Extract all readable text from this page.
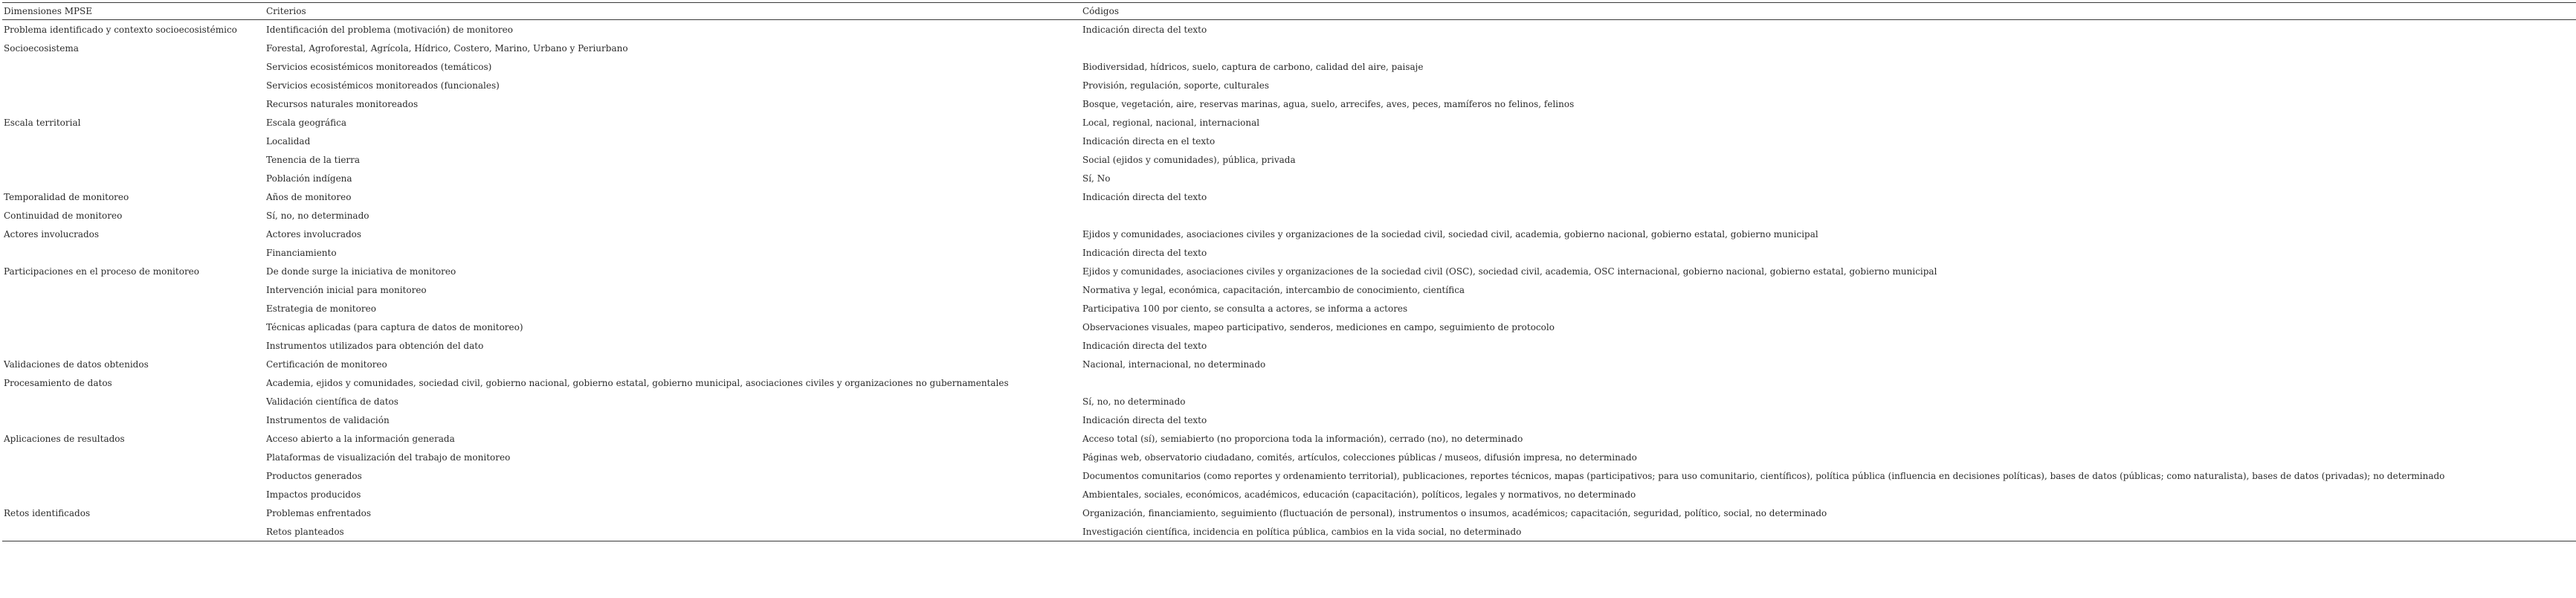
Dimensiones MPSE	Criterios	Códigos
Problema identificado y contexto socioecosistémico	Identificación del problema (motivación) de monitoreo	Indicación directa del texto
Socioecosistema	Forestal, Agroforestal, Agrícola, Hídrico, Costero, Marino, Urbano y Periurbano	
	Servicios ecosistémicos monitoreados (temáticos)	Biodiversidad, hídricos, suelo, captura de carbono, calidad del aire, paisaje
	Servicios ecosistémicos monitoreados (funcionales)	Provisión, regulación, soporte, culturales
	Recursos naturales monitoreados	Bosque, vegetación, aire, reservas marinas, agua, suelo, arrecifes, aves, peces, mamíferos no felinos, felinos
Escala territorial	Escala geográfica	Local, regional, nacional, internacional
	Localidad	Indicación directa en el texto
	Tenencia de la tierra	Social (ejidos y comunidades), pública, privada
	Población indígena	Sí, No
Temporalidad de monitoreo	Años de monitoreo	Indicación directa del texto
Continuidad de monitoreo	Sí, no, no determinado	
Actores involucrados	Actores involucrados	Ejidos y comunidades, asociaciones civiles y organizaciones de la sociedad civil, sociedad civil, academia, gobierno nacional, gobierno estatal, gobierno municipal
	Financiamiento	Indicación directa del texto
Participaciones en el proceso de monitoreo	De donde surge la iniciativa de monitoreo	Ejidos y comunidades, asociaciones civiles y organizaciones de la sociedad civil (OSC), sociedad civil, academia, OSC internacional, gobierno nacional, gobierno estatal, gobierno municipal
	Intervención inicial para monitoreo	Normativa y legal, económica, capacitación, intercambio de conocimiento, científica
	Estrategia de monitoreo	Participativa 100 por ciento, se consulta a actores, se informa a actores
	Técnicas aplicadas (para captura de datos de monitoreo)	Observaciones visuales, mapeo participativo, senderos, mediciones en campo, seguimiento de protocolo
	Instrumentos utilizados para obtención del dato	Indicación directa del texto
Validaciones de datos obtenidos	Certificación de monitoreo	Nacional, internacional, no determinado
Procesamiento de datos	Academia, ejidos y comunidades, sociedad civil, gobierno nacional, gobierno estatal, gobierno municipal, asociaciones civiles y organizaciones no gubernamentales	
	Validación científica de datos	Sí, no, no determinado
	Instrumentos de validación	Indicación directa del texto
Aplicaciones de resultados	Acceso abierto a la información generada	Acceso total (sí), semiabierto (no proporciona toda la información), cerrado (no), no determinado
	Plataformas de visualización del trabajo de monitoreo	Páginas web, observatorio ciudadano, comités, artículos, colecciones públicas / museos, difusión impresa, no determinado
	Productos generados	Documentos comunitarios (como reportes y ordenamiento territorial), publicaciones, reportes técnicos, mapas (participativos; para uso comunitario, científicos), política pública (influencia en decisiones políticas), bases de datos (públicas; como naturalista), bases de datos (privadas); no determinado
	Impactos producidos	Ambientales, sociales, económicos, académicos, educación (capacitación), políticos, legales y normativos, no determinado
Retos identificados	Problemas enfrentados	Organización, financiamiento, seguimiento (fluctuación de personal), instrumentos o insumos, académicos; capacitación, seguridad, político, social, no determinado
	Retos planteados	Investigación científica, incidencia en política pública, cambios en la vida social, no determinado
